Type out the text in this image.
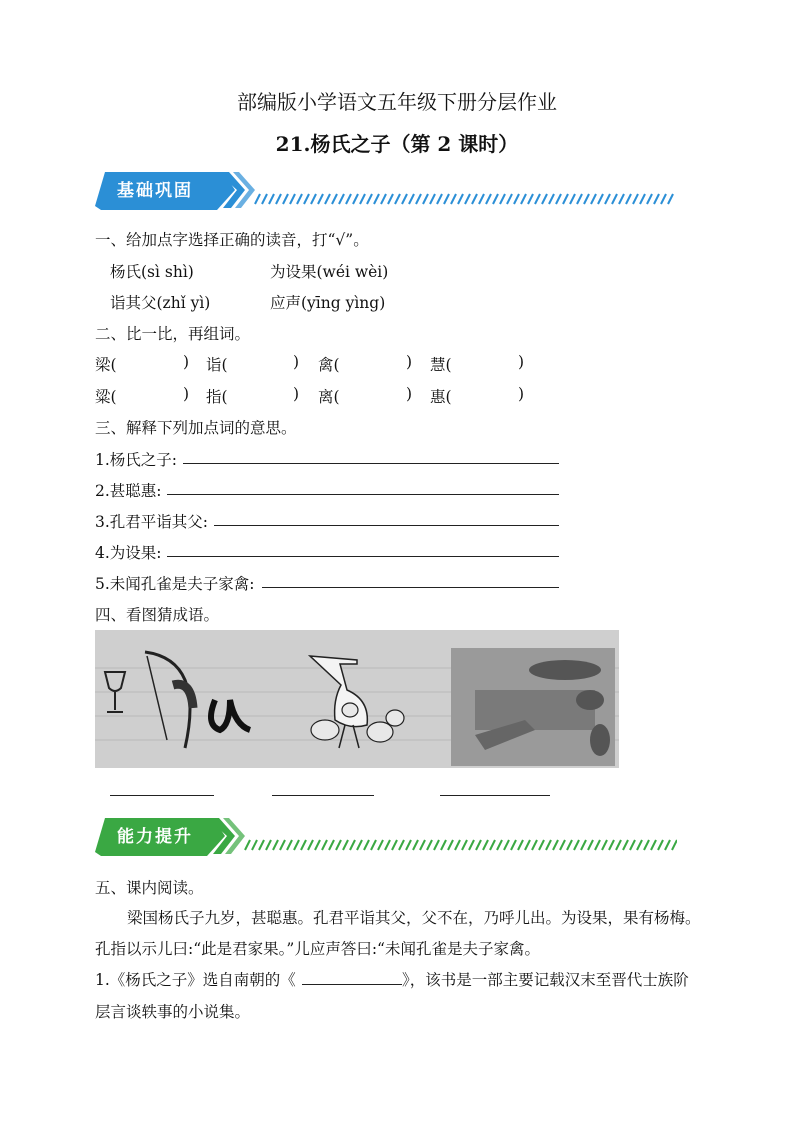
部编版小学语文五年级下册分层作业
21.杨氏之子（第 2 课时）
基础巩固
一、给加点字选择正确的读音，打“√”。
杨氏(sì shì)	为设果(wéi wèi)
诣其父(zhǐ yì)	应声(yīng yìng)
二、比一比，再组词。
梁(	) 诣(	) 禽(	) 慧(	)
粱(	) 指(	) 离(	) 惠(	)
三、解释下列加点词的意思。
1.杨氏之子:
2.甚聪惠:
3.孔君平诣其父:
4.为设果:
5.未闻孔雀是夫子家禽:
四、看图猜成语。
能力提升
五、课内阅读。
梁国杨氏子九岁，甚聪惠。孔君平诣其父，父不在，乃呼儿出。为设果，果有杨梅。
孔指以示儿曰:“此是君家果。”儿应声答曰:“未闻孔雀是夫子家禽。
1.《杨氏之子》选自南朝的《	》，该书是一部主要记载汉末至晋代士族阶
层言谈轶事的小说集。
